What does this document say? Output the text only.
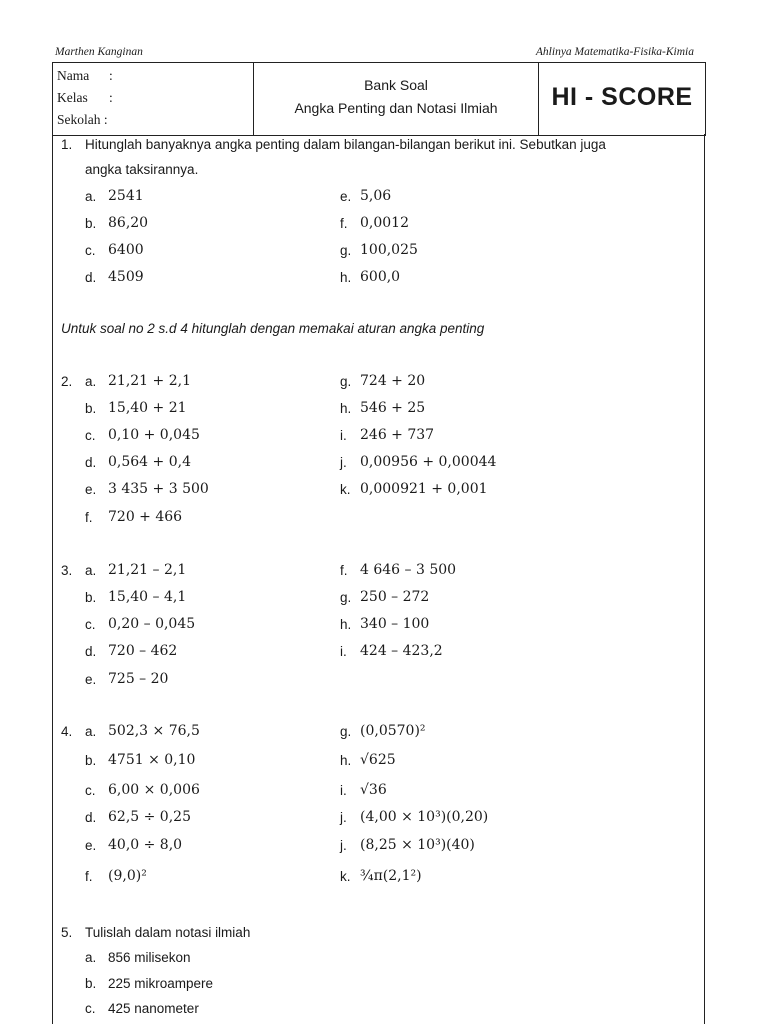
Marthen Kanginan	Ahlinya Matematika-Fisika-Kimia
Nama :
Kelas :
Sekolah :
Bank Soal
Angka Penting dan Notasi Ilmiah	HI - SCORE
1. Hitunglah banyaknya angka penting dalam bilangan-bilangan berikut ini. Sebutkan juga
angka taksirannya.
a. 2541
b. 86,20
c. 6400
d. 4509
e. 5,06
f. 0,0012
g. 100,025
h. 600,0
Untuk soal no 2 s.d 4 hitunglah dengan memakai aturan angka penting
2. a. 21,21 + 2,1
b. 15,40 + 21
c. 0,10 + 0,045
d. 0,564 + 0,4
e. 3 435 + 3 500
f. 720 + 466
g. 724 + 20
h. 546 + 25
i. 246 + 737
j. 0,00956 + 0,00044
k. 0,000921 + 0,001
3. a. 21,21 – 2,1
b. 15,40 – 4,1
c. 0,20 – 0,045
d. 720 – 462
e. 725 – 20
f. 4 646 – 3 500
g. 250 – 272
h. 340 – 100
i. 424 – 423,2
4. a. 502,3 × 76,5
b. 4751 × 0,10
c. 6,00 × 0,006
d. 62,5 ÷ 0,25
e. 40,0 ÷ 8,0
f. (9,0)²
g. (0,0570)²
h. √625
i. √36
j. (4,00 × 10³)(0,20)
j. (8,25 × 10³)(40)
k. ¾π(2,1²)
5. Tulislah dalam notasi ilmiah
a. 856 milisekon
b. 225 mikroampere
c. 425 nanometer
